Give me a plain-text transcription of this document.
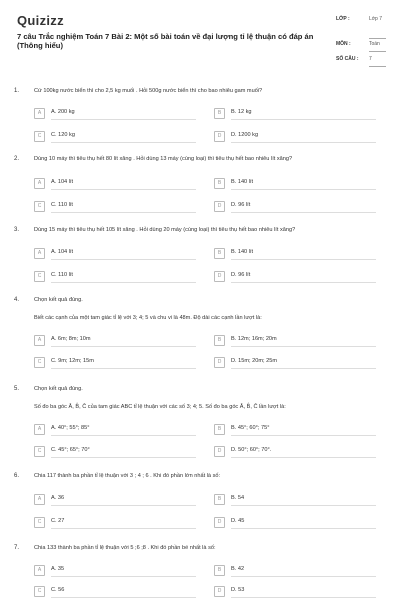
Quizizz
7 câu Trắc nghiệm Toán 7 Bài 2: Một số bài toán về đại lượng tỉ lệ thuận có đáp án (Thông hiểu)
LỚP :	Lớp 7
MÔN :	Toán
SỐ CÂU : 7
1.	Cứ 100kg nước biển thì cho 2,5 kg muối . Hỏi 500g nước biển thì cho bao nhiêu gam muối?
A	A. 200 kg	B	B. 12 kg
C	C. 120 kg	D	D. 1200 kg
2.	Dùng 10 máy thì tiêu thụ hết 80 lít xăng . Hỏi dùng 13 máy (cùng loại) thì tiêu thụ hết bao nhiêu lít xăng?
A	A. 104 lít	B	B. 140 lít
C	C. 110 lít	D	D. 96 lít
3.	Dùng 15 máy thì tiêu thụ hết 105 lít xăng . Hỏi dùng 20 máy (cùng loại) thì tiêu thụ hết bao nhiêu lít xăng?
A	A. 104 lít	B	B. 140 lít
C	C. 110 lít	D	D. 96 lít
4.	Chọn kết quả đúng.
Biết các cạnh của một tam giác tỉ lệ với 3; 4; 5 và chu vi là 48m. Độ dài các cạnh lần lượt là:
A	A. 6m; 8m; 10m	B	B. 12m; 16m; 20m
C	C. 9m; 12m; 15m	D	D. 15m; 20m; 25m
5.	Chọn kết quả đúng.
Số đo ba góc Â, B̂, Ĉ của tam giác ABC tỉ lệ thuận với các số 3; 4; 5. Số đo ba góc Â, B̂, Ĉ lần lượt là:
A	A. 40°; 55°; 85°	B	B. 45°; 60°; 75°
C	C. 45°; 65°; 70°	D	D. 50°; 60°; 70°.
6.	Chia 117 thành ba phần tỉ lệ thuận với 3 ; 4 ; 6 . Khi đó phần lớn nhất là số:
A	A. 36	B	B. 54
C	C. 27	D	D. 45
7.	Chia 133 thành ba phần tỉ lệ thuận với 5 ;6 ;8 . Khi đó phần bé nhất là số:
A	A. 35	B	B. 42
C	C. 56	D	D. 53
